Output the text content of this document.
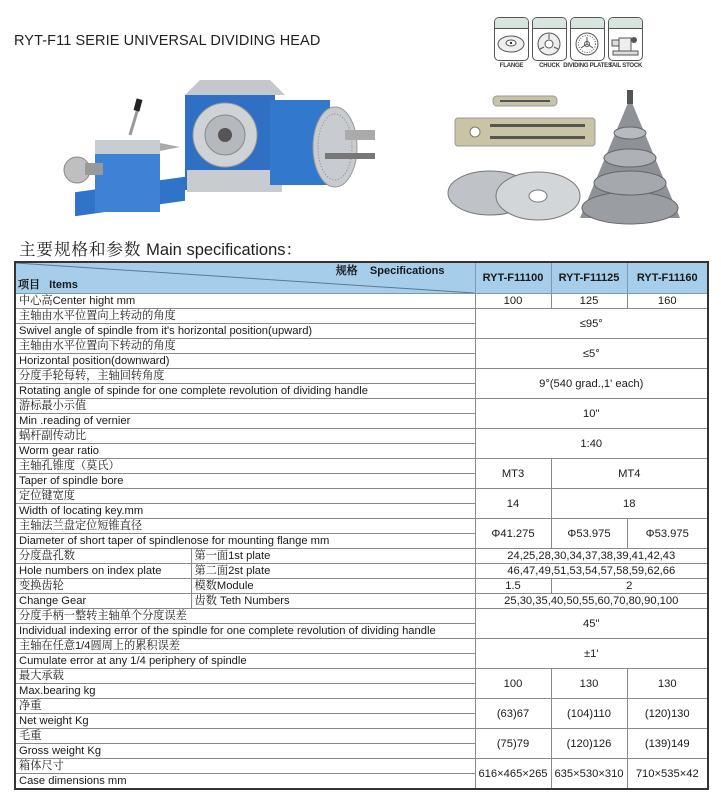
RYT-F11 SERIE UNIVERSAL DIVIDING HEAD
FLANGE	CHUCK DIVIDING PLATES
TAIL STOCK
主要规格和参数 Main specifications：
规格 Specifications
项目 Items		RYT-F11100	RYT-F11125	RYT-F11160
中心高Center hight mm		100	125	160
主轴由水平位置向上转动的角度		≤95°		
Swivel angle of spindle from it's horizontal position(upward)				
主轴由水平位置向下转动的角度		≤5°		
Horizontal position(downward)				
分度手轮每转，主轴回转角度		9°(540 grad.,1' each)		
Rotating angle of spinde for one complete revolution of dividing handle				
游标最小示值		10"		
Min .reading of vernier				
蜗杆副传动比		1:40		
Worm gear ratio				
主轴孔锥度（莫氏）		MT3	MT4	
Taper of spindle bore				
定位键宽度		14	18	
Width of locating key.mm				
主轴法兰盘定位短锥直径		Φ41.275	Φ53.975	Φ53.975
Diameter of short taper of spindlenose for mounting flange mm				
分度盘孔数	第一面1st plate	24,25,28,30,34,37,38,39,41,42,43		
Hole numbers on index plate	第二面2st plate	46,47,49,51,53,54,57,58,59,62,66		
变换齿轮	模数Module	1.5	2	
Change Gear	齿数 Teth Numbers	25,30,35,40,50,55,60,70,80,90,100		
分度手柄一整转主轴单个分度误差		45"		
Individual indexing error of the spindle for one complete revolution of dividing handle				
主轴在任意1/4圆周上的累积误差		±1'		
Cumulate error at any 1/4 periphery of spindle				
最大承载		100	130	130
Max.bearing kg				
净重		(63)67	(104)110	(120)130
Net weight Kg				
毛重		(75)79	(120)126	(139)149
Gross weight Kg				
箱体尺寸		616×465×265	635×530×310	710×535×42
Case dimensions mm				
